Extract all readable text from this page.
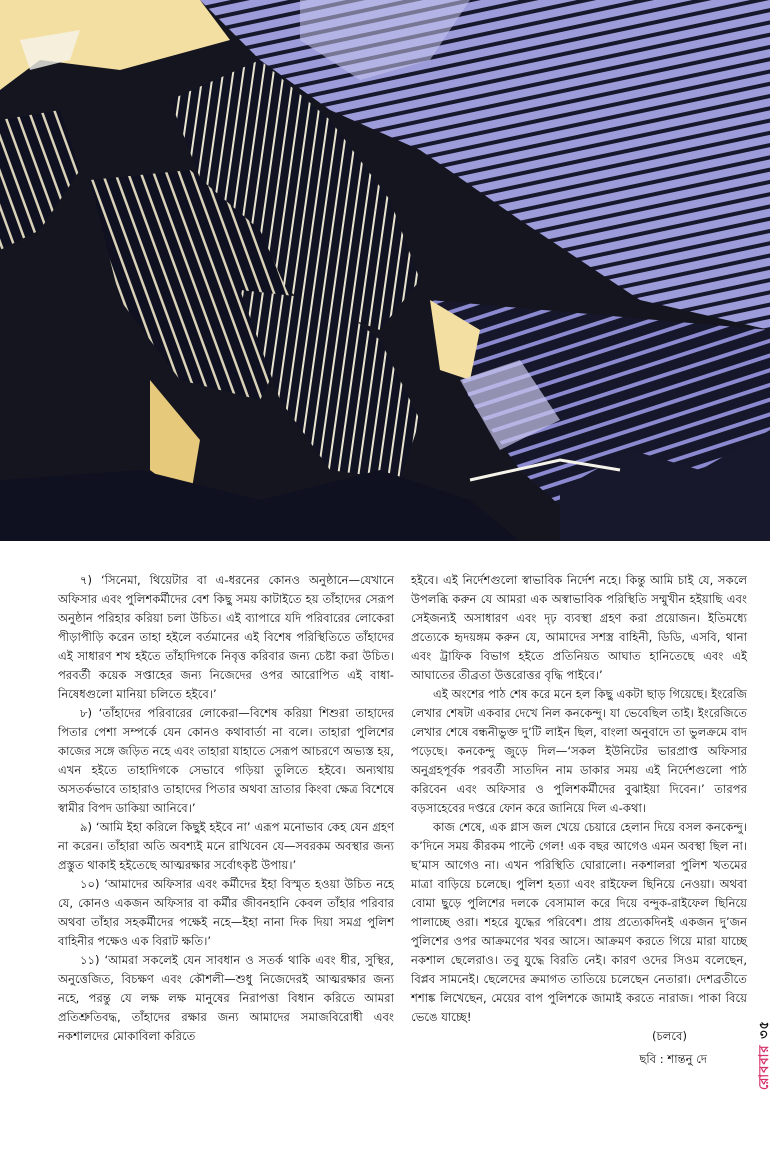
৭) ‘সিনেমা, থিয়েটার বা এ-ধরনের কোনও অনুষ্ঠানে—যেখানে অফিসার এবং পুলিশকর্মীদের বেশ কিছু সময় কাটাইতে হয় তাঁহাদের সেরূপ অনুষ্ঠান পরিহার করিয়া চলা উচিত। এই ব্যাপারে যদি পরিবারের লোকেরা পীড়াপীড়ি করেন তাহা হইলে বর্তমানের এই বিশেষ পরিস্থিতিতে তাঁহাদের এই সাধারণ শখ হইতে তাঁহাদিগকে নিবৃত্ত করিবার জন্য চেষ্টা করা উচিত। পরবর্তী কয়েক সপ্তাহের জন্য নিজেদের ওপর আরোপিত এই বাধা-নিষেধগুলো মানিয়া চলিতে হইবে।’

৮) ‘তাঁহাদের পরিবারের লোকেরা—বিশেষ করিয়া শিশুরা তাহাদের পিতার পেশা সম্পর্কে যেন কোনও কথাবার্তা না বলে। তাহারা পুলিশের কাজের সঙ্গে জড়িত নহে এবং তাহারা যাহাতে সেরূপ আচরণে অভ্যস্ত হয়, এখন হইতে তাহাদিগকে সেভাবে গড়িয়া তুলিতে হইবে। অন্যথায় অসতর্কভাবে তাহারাও তাহাদের পিতার অথবা ভ্রাতার কিংবা ক্ষেত্র বিশেষে স্বামীর বিপদ ডাকিয়া আনিবে।’

৯) ‘আমি ইহা করিলে কিছুই হইবে না’ এরূপ মনোভাব কেহ যেন গ্রহণ না করেন। তাঁহারা অতি অবশ্যই মনে রাখিবেন যে—সবরকম অবস্থার জন্য প্রস্তুত থাকাই হইতেছে আত্মরক্ষার সর্বোৎকৃষ্ট উপায়।’

১০) ‘আমাদের অফিসার এবং কর্মীদের ইহা বিস্মৃত হওয়া উচিত নহে যে, কোনও একজন অফিসার বা কর্মীর জীবনহানি কেবল তাঁহার পরিবার অথবা তাঁহার সহকর্মীদের পক্ষেই নহে—ইহা নানা দিক দিয়া সমগ্র পুলিশ বাহিনীর পক্ষেও এক বিরাট ক্ষতি।’

১১) ‘আমরা সকলেই যেন সাবধান ও সতর্ক থাকি এবং ধীর, সুস্থির, অনুত্তেজিত, বিচক্ষণ এবং কৌশলী—শুধু নিজেদেরই আত্মরক্ষার জন্য নহে, পরন্তু যে লক্ষ লক্ষ মানুষের নিরাপত্তা বিধান করিতে আমরা প্রতিশ্রুতিবদ্ধ, তাঁহাদের রক্ষার জন্য আমাদের সমাজবিরোধী এবং নকশালদের মোকাবিলা করিতে

হইবে। এই নির্দেশগুলো স্বাভাবিক নির্দেশ নহে। কিন্তু আমি চাই যে, সকলে উপলব্ধি করুন যে আমরা এক অস্বাভাবিক পরিস্থিতি সম্মুখীন হইয়াছি এবং সেইজন্যই অসাধারণ এবং দৃঢ় ব্যবস্থা গ্রহণ করা প্রয়োজন। ইতিমধ্যে প্রত্যেকে হৃদয়ঙ্গম করুন যে, আমাদের সশস্ত্র বাহিনী, ডিডি, এসবি, থানা এবং ট্রাফিক বিভাগ হইতে প্রতিনিয়ত আঘাত হানিতেছে এবং এই আঘাতের তীব্রতা উত্তরোত্তর বৃদ্ধি পাইবে।’

এই অংশের পাঠ শেষ করে মনে হল কিছু একটা ছাড় গিয়েছে। ইংরেজি লেখার শেষটা একবার দেখে নিল কনকেন্দু। যা ভেবেছিল তাই। ইংরেজিতে লেখার শেষে বন্ধনীভুক্ত দু’টি লাইন ছিল, বাংলা অনুবাদে তা ভুলক্রমে বাদ পড়েছে। কনকেন্দু জুড়ে দিল—‘সকল ইউনিটের ভারপ্রাপ্ত অফিসার অনুগ্রহপূর্বক পরবর্তী সাতদিন নাম ডাকার সময় এই নির্দেশগুলো পাঠ করিবেন এবং অফিসার ও পুলিশকর্মীদের বুঝাইয়া দিবেন।’ তারপর বড়সাহেবের দপ্তরে ফোন করে জানিয়ে দিল এ-কথা।

কাজ শেষে, এক গ্লাস জল খেয়ে চেয়ারে হেলান দিয়ে বসল কনকেন্দু। ক’দিনে সময় কীরকম পাল্টে গেল! এক বছর আগেও এমন অবস্থা ছিল না। ছ’মাস আগেও না। এখন পরিস্থিতি ঘোরালো। নকশালরা পুলিশ খতমের মাত্রা বাড়িয়ে চলেছে। পুলিশ হত্যা এবং রাইফেল ছিনিয়ে নেওয়া। অথবা বোমা ছুড়ে পুলিশের দলকে বেসামাল করে দিয়ে বন্দুক-রাইফেল ছিনিয়ে পালাচ্ছে ওরা। শহরে যুদ্ধের পরিবেশ। প্রায় প্রত্যেকদিনই একজন দু’জন পুলিশের ওপর আক্রমণের খবর আসে। আক্রমণ করতে গিয়ে মারা যাচ্ছে নকশাল ছেলেরাও। তবু যুদ্ধে বিরতি নেই। কারণ ওদের সিওম বলেছেন, বিপ্লব সামনেই। ছেলেদের ক্রমাগত তাতিয়ে চলেছেন নেতারা। দেশব্রতীতে শশাঙ্ক লিখেছেন, মেয়ের বাপ পুলিশকে জামাই করতে নারাজ। পাকা বিয়ে ভেঙে যাচ্ছে!

(চলবে)
ছবি : শান্তনু দে	রোববার ৩৫
